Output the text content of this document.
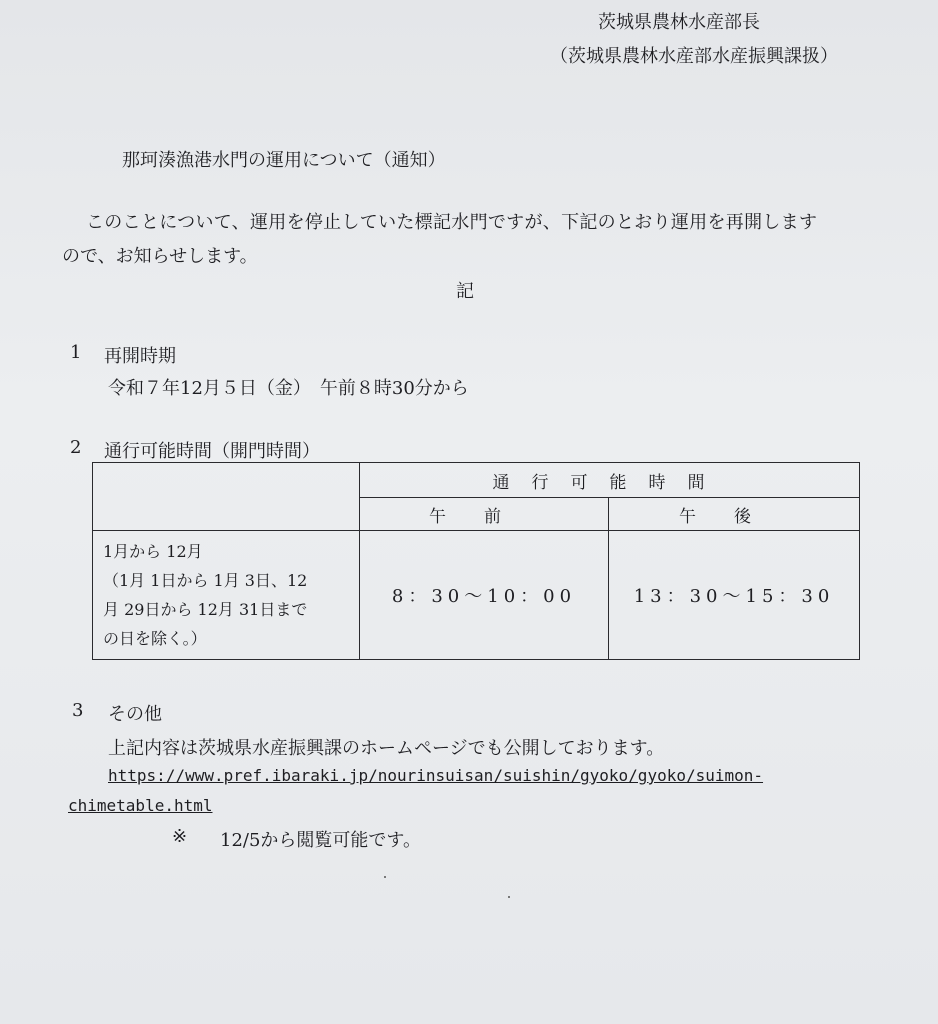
茨城県農林水産部長
（茨城県農林水産部水産振興課扱）
那珂湊漁港水門の運用について（通知）
このことについて、運用を停止していた標記水門ですが、下記のとおり運用を再開します
ので、お知らせします。
記
1 再開時期
令和７年12月５日（金）　午前８時30分から
2 通行可能時間（開門時間）
	通行可能時間	
	午前	午後

1月から 12月
（1月 1日から 1月 3日、12
月 29日から 12月 31日まで
の日を除く。）	8：30〜10：00	13：30〜15：30
3 その他
上記内容は茨城県水産振興課のホームページでも公開しております。
https://www.pref.ibaraki.jp/nourinsuisan/suishin/gyoko/gyoko/suimon-
chimetable.html
※ 12/5から閲覧可能です。
